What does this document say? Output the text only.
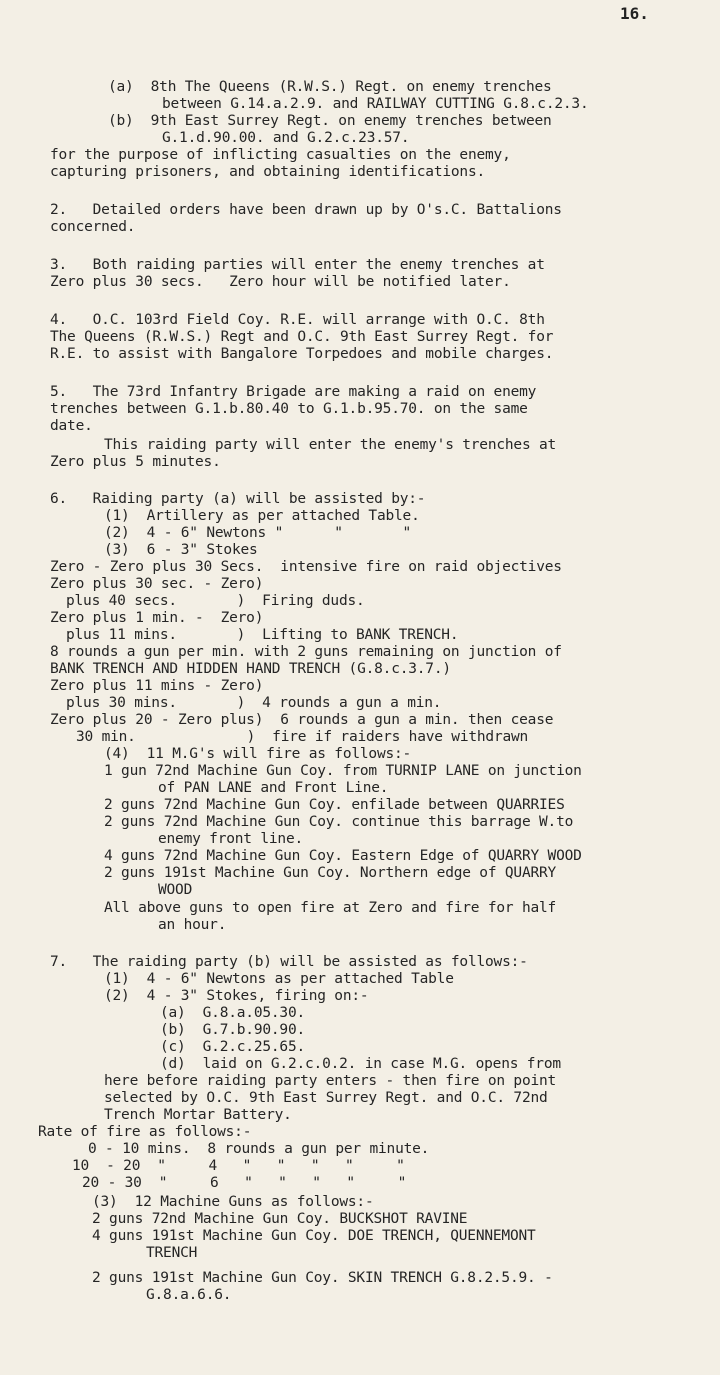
16.
(a)  8th The Queens (R.W.S.) Regt. on enemy trenches
between G.14.a.2.9. and RAILWAY CUTTING G.8.c.2.3.
(b)  9th East Surrey Regt. on enemy trenches between
G.1.d.90.00. and G.2.c.23.57.
for the purpose of inflicting casualties on the enemy,
capturing prisoners, and obtaining identifications.
2.   Detailed orders have been drawn up by O's.C. Battalions
concerned.
3.   Both raiding parties will enter the enemy trenches at
Zero plus 30 secs.   Zero hour will be notified later.
4.   O.C. 103rd Field Coy. R.E. will arrange with O.C. 8th
The Queens (R.W.S.) Regt and O.C. 9th East Surrey Regt. for
R.E. to assist with Bangalore Torpedoes and mobile charges.
5.   The 73rd Infantry Brigade are making a raid on enemy
trenches between G.1.b.80.40 to G.1.b.95.70. on the same
date.
This raiding party will enter the enemy's trenches at
Zero plus 5 minutes.
6.   Raiding party (a) will be assisted by:-
(1)  Artillery as per attached Table.
(2)  4 - 6" Newtons "      "       "
(3)  6 - 3" Stokes
Zero - Zero plus 30 Secs.  intensive fire on raid objectives
Zero plus 30 sec. - Zero)
plus 40 secs.       )  Firing duds.
Zero plus 1 min. -  Zero)
plus 11 mins.       )  Lifting to BANK TRENCH.
8 rounds a gun per min. with 2 guns remaining on junction of
BANK TRENCH AND HIDDEN HAND TRENCH (G.8.c.3.7.)
Zero plus 11 mins - Zero)
plus 30 mins.       )  4 rounds a gun a min.
Zero plus 20 - Zero plus)  6 rounds a gun a min. then cease
30 min.             )  fire if raiders have withdrawn
(4)  11 M.G's will fire as follows:-
1 gun 72nd Machine Gun Coy. from TURNIP LANE on junction
of PAN LANE and Front Line.
2 guns 72nd Machine Gun Coy. enfilade between QUARRIES
2 guns 72nd Machine Gun Coy. continue this barrage W.to
enemy front line.
4 guns 72nd Machine Gun Coy. Eastern Edge of QUARRY WOOD
2 guns 191st Machine Gun Coy. Northern edge of QUARRY
WOOD
All above guns to open fire at Zero and fire for half
an hour.
7.   The raiding party (b) will be assisted as follows:-
(1)  4 - 6" Newtons as per attached Table
(2)  4 - 3" Stokes, firing on:-
(a)  G.8.a.05.30.
(b)  G.7.b.90.90.
(c)  G.2.c.25.65.
(d)  laid on G.2.c.0.2. in case M.G. opens from
here before raiding party enters - then fire on point
selected by O.C. 9th East Surrey Regt. and O.C. 72nd
Trench Mortar Battery.
Rate of fire as follows:-
0 - 10 mins.  8 rounds a gun per minute.
10  - 20  "     4   "   "   "   "     "
20 - 30  "     6   "   "   "   "     "
(3)  12 Machine Guns as follows:-
2 guns 72nd Machine Gun Coy. BUCKSHOT RAVINE
4 guns 191st Machine Gun Coy. DOE TRENCH, QUENNEMONT
TRENCH
2 guns 191st Machine Gun Coy. SKIN TRENCH G.8.2.5.9. -
G.8.a.6.6.
